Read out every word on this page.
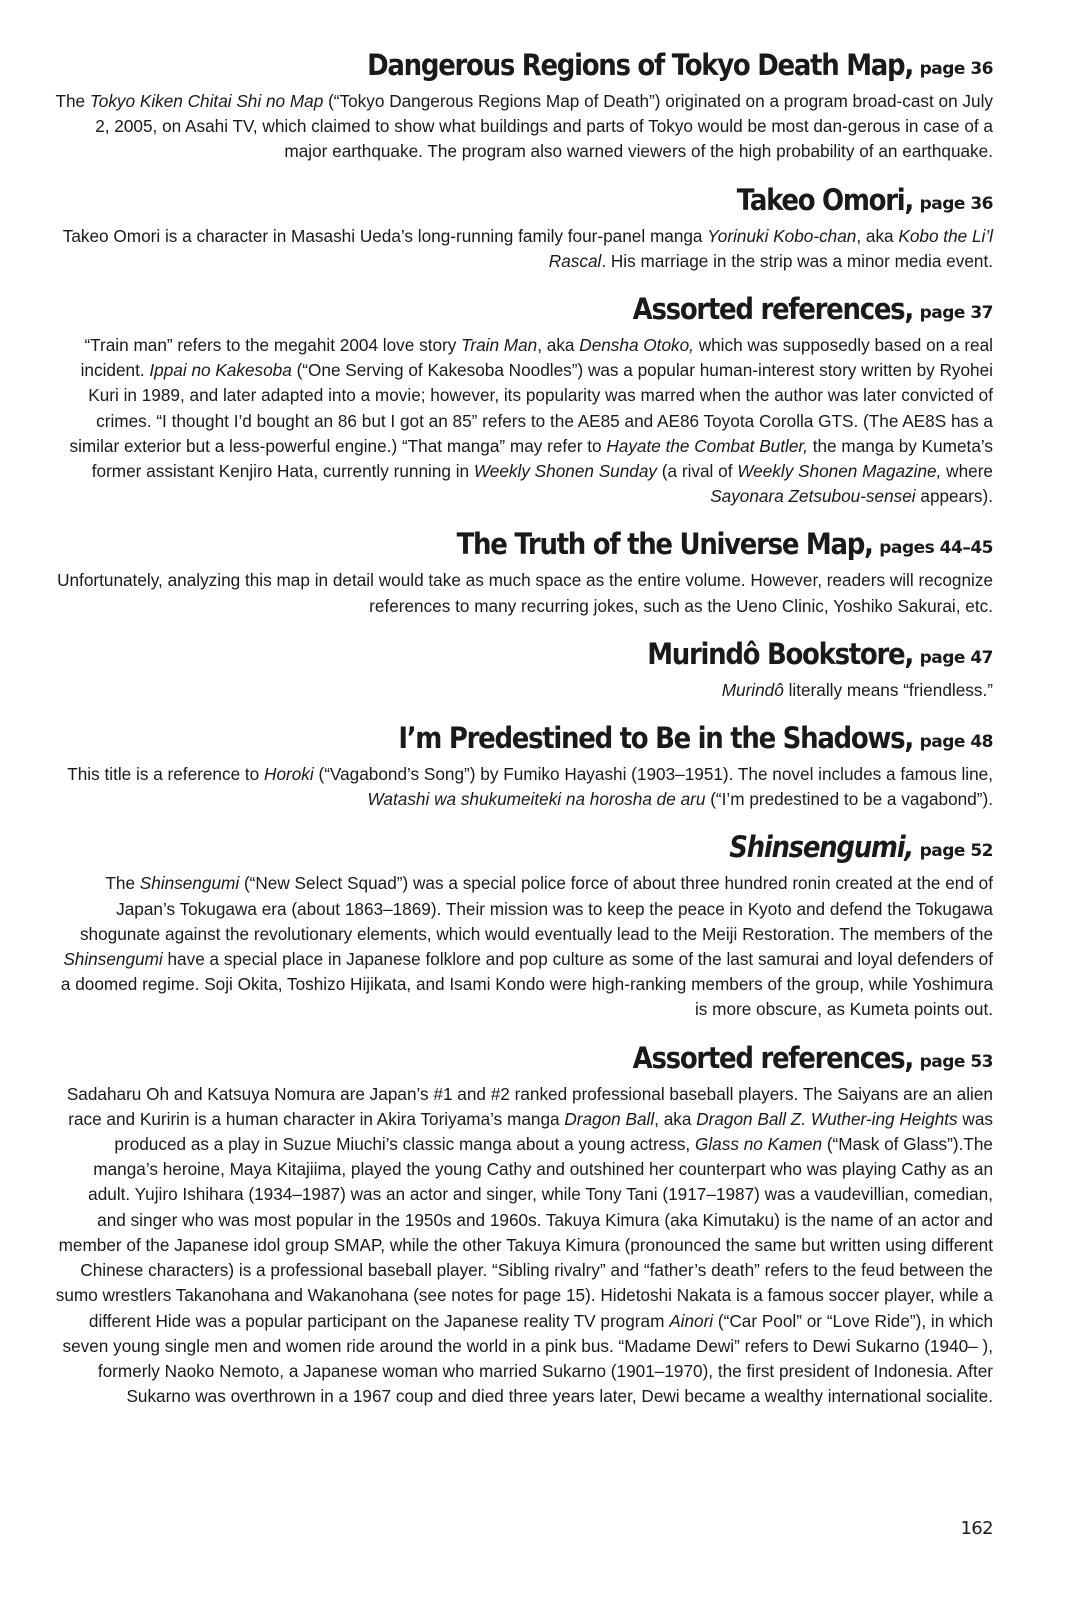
Dangerous Regions of Tokyo Death Map, page 36

The Tokyo Kiken Chitai Shi no Map (“Tokyo Dangerous Regions Map of Death”) originated on a program broad-cast on July 2, 2005, on Asahi TV, which claimed to show what buildings and parts of Tokyo would be most dan-gerous in case of a major earthquake. The program also warned viewers of the high probability of an earthquake.

Takeo Omori, page 36

Takeo Omori is a character in Masashi Ueda’s long-running family four-panel manga Yorinuki Kobo-chan, aka Kobo the Li’l Rascal. His marriage in the strip was a minor media event.

Assorted references, page 37

“Train man” refers to the megahit 2004 love story Train Man, aka Densha Otoko, which was supposedly based on a real incident. Ippai no Kakesoba (“One Serving of Kakesoba Noodles”) was a popular human-interest story written by Ryohei Kuri in 1989, and later adapted into a movie; however, its popularity was marred when the author was later convicted of crimes. “I thought I’d bought an 86 but I got an 85” refers to the AE85 and AE86 Toyota Corolla GTS. (The AE8S has a similar exterior but a less-powerful engine.) “That manga” may refer to Hayate the Combat Butler, the manga by Kumeta’s former assistant Kenjiro Hata, currently running in Weekly Shonen Sunday (a rival of Weekly Shonen Magazine, where Sayonara Zetsubou-sensei appears).

The Truth of the Universe Map, pages 44–45

Unfortunately, analyzing this map in detail would take as much space as the entire volume. However, readers will recognize references to many recurring jokes, such as the Ueno Clinic, Yoshiko Sakurai, etc.

Murindô Bookstore, page 47

Murindô literally means “friendless.”

I’m Predestined to Be in the Shadows, page 48

This title is a reference to Horoki (“Vagabond’s Song”) by Fumiko Hayashi (1903–1951). The novel includes a famous line, Watashi wa shukumeiteki na horosha de aru (“I’m predestined to be a vagabond”).

Shinsengumi, page 52

The Shinsengumi (“New Select Squad”) was a special police force of about three hundred ronin created at the end of Japan’s Tokugawa era (about 1863–1869). Their mission was to keep the peace in Kyoto and defend the Tokugawa shogunate against the revolutionary elements, which would eventually lead to the Meiji Restoration. The members of the Shinsengumi have a special place in Japanese folklore and pop culture as some of the last samurai and loyal defenders of a doomed regime. Soji Okita, Toshizo Hijikata, and Isami Kondo were high-ranking members of the group, while Yoshimura is more obscure, as Kumeta points out.

Assorted references, page 53

Sadaharu Oh and Katsuya Nomura are Japan’s #1 and #2 ranked professional baseball players. The Saiyans are an alien race and Kuririn is a human character in Akira Toriyama’s manga Dragon Ball, aka Dragon Ball Z. Wuther-ing Heights was produced as a play in Suzue Miuchi’s classic manga about a young actress, Glass no Kamen (“Mask of Glass”).The manga’s heroine, Maya Kitajiima, played the young Cathy and outshined her counterpart who was playing Cathy as an adult. Yujiro Ishihara (1934–1987) was an actor and singer, while Tony Tani (1917–1987) was a vaudevillian, comedian, and singer who was most popular in the 1950s and 1960s. Takuya Kimura (aka Kimutaku) is the name of an actor and member of the Japanese idol group SMAP, while the other Takuya Kimura (pronounced the same but written using different Chinese characters) is a professional baseball player. “Sibling rivalry” and “father’s death” refers to the feud between the sumo wrestlers Takanohana and Wakanohana (see notes for page 15). Hidetoshi Nakata is a famous soccer player, while a different Hide was a popular participant on the Japanese reality TV program Ainori (“Car Pool” or “Love Ride”), in which seven young single men and women ride around the world in a pink bus. “Madame Dewi” refers to Dewi Sukarno (1940– ), formerly Naoko Nemoto, a Japanese woman who married Sukarno (1901–1970), the first president of Indonesia. After Sukarno was overthrown in a 1967 coup and died three years later, Dewi became a wealthy international socialite.

162
